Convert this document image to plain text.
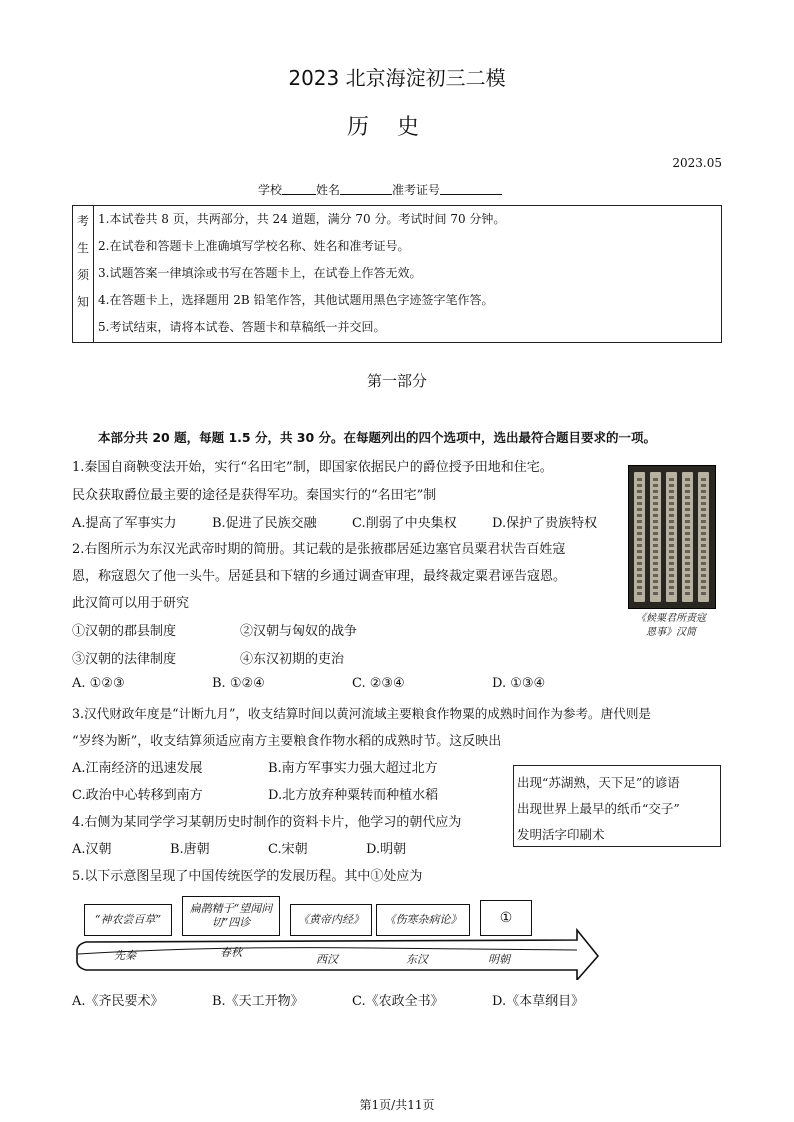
2023 北京海淀初三二模
历史
2023.05
学校	姓名	准考证号
考
生
须
知

1.本试卷共 8 页，共两部分，共 24 道题，满分 70 分。考试时间 70 分钟。
2.在试卷和答题卡上准确填写学校名称、姓名和准考证号。
3.试题答案一律填涂或书写在答题卡上，在试卷上作答无效。
4.在答题卡上，选择题用 2B 铅笔作答，其他试题用黑色字迹签字笔作答。
5.考试结束，请将本试卷、答题卡和草稿纸一并交回。
第一部分
本部分共 20 题，每题 1.5 分，共 30 分。在每题列出的四个选项中，选出最符合题目要求的一项。
1.秦国自商鞅变法开始，实行“名田宅”制，即国家依据民户的爵位授予田地和住宅。
民众获取爵位最主要的途径是获得军功。秦国实行的“名田宅”制
A.提高了军事实力	B.促进了民族交融	C.削弱了中央集权	D.保护了贵族特权
《候粟君所责寇
恩事》汉简
2.右图所示为东汉光武帝时期的简册。其记载的是张掖郡居延边塞官员粟君状告百姓寇
恩，称寇恩欠了他一头牛。居延县和下辖的乡通过调查审理，最终裁定粟君诬告寇恩。
此汉简可以用于研究
①汉朝的郡县制度	②汉朝与匈奴的战争
③汉朝的法律制度	④东汉初期的吏治
A. ①②③	B. ①②④	C. ②③④	D. ①③④
3.汉代财政年度是“计断九月”，收支结算时间以黄河流域主要粮食作物粟的成熟时间作为参考。唐代则是
“岁终为断”，收支结算须适应南方主要粮食作物水稻的成熟时节。这反映出
A.江南经济的迅速发展	B.南方军事实力强大超过北方
C.政治中心转移到南方	D.北方放弃种粟转而种植水稻
出现“苏湖熟，天下足”的谚语
出现世界上最早的纸币“交子”
发明活字印刷术
4.右侧为某同学学习某朝历史时制作的资料卡片，他学习的朝代应为
A.汉朝	B.唐朝	C.宋朝	D.明朝
5.以下示意图呈现了中国传统医学的发展历程。其中①处应为
“神农尝百草”
扁鹊精于“望闻问切”四诊	《黄帝内经》	《伤寒杂病论》	①
先秦	春秋
西汉	东汉	明朝
A.《齐民要术》	B.《天工开物》	C.《农政全书》	D.《本草纲目》
第1页/共11页
